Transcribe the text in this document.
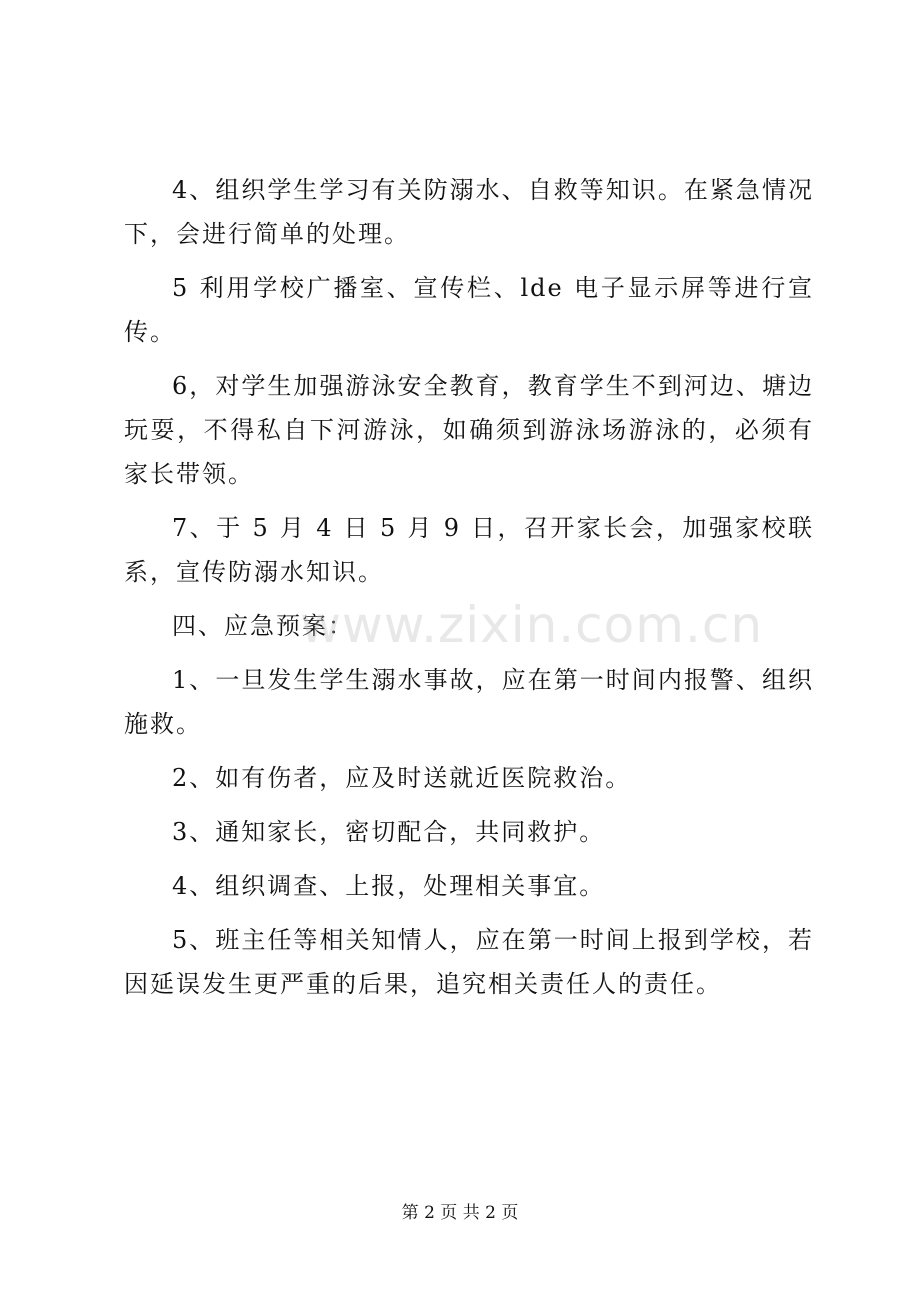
4、组织学生学习有关防溺水、自救等知识。在紧急情况下，会进行简单的处理。

5 利用学校广播室、宣传栏、lde 电子显示屏等进行宣传。

6，对学生加强游泳安全教育，教育学生不到河边、塘边玩耍，不得私自下河游泳，如确须到游泳场游泳的，必须有家长带领。

7、于 5 月 4 日 5 月 9 日，召开家长会，加强家校联系，宣传防溺水知识。

四、应急预案：

1、一旦发生学生溺水事故，应在第一时间内报警、组织施救。

2、如有伤者，应及时送就近医院救治。

3、通知家长，密切配合，共同救护。

4、组织调查、上报，处理相关事宜。

5、班主任等相关知情人，应在第一时间上报到学校，若因延误发生更严重的后果，追究相关责任人的责任。

www.zixin.com.cn
第 2 页 共 2 页
